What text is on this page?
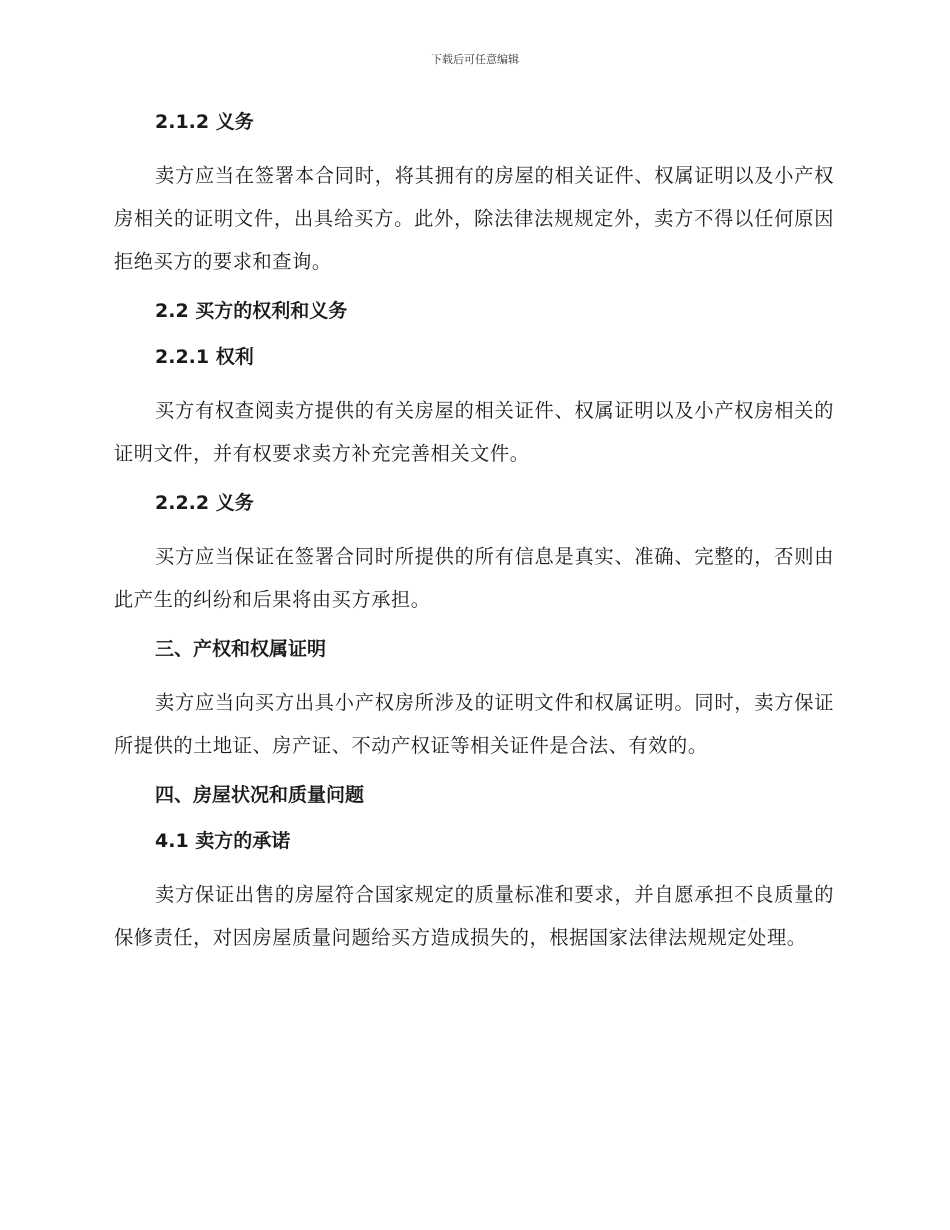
下载后可任意编辑
2.1.2 义务

卖方应当在签署本合同时，将其拥有的房屋的相关证件、权属证明以及小产权房相关的证明文件，出具给买方。此外，除法律法规规定外，卖方不得以任何原因拒绝买方的要求和查询。

2.2 买方的权利和义务
2.2.1 权利

买方有权查阅卖方提供的有关房屋的相关证件、权属证明以及小产权房相关的证明文件，并有权要求卖方补充完善相关文件。

2.2.2 义务

买方应当保证在签署合同时所提供的所有信息是真实、准确、完整的，否则由此产生的纠纷和后果将由买方承担。

三、产权和权属证明

卖方应当向买方出具小产权房所涉及的证明文件和权属证明。同时，卖方保证所提供的土地证、房产证、不动产权证等相关证件是合法、有效的。

四、房屋状况和质量问题
4.1 卖方的承诺

卖方保证出售的房屋符合国家规定的质量标准和要求，并自愿承担不良质量的保修责任，对因房屋质量问题给买方造成损失的，根据国家法律法规规定处理。
